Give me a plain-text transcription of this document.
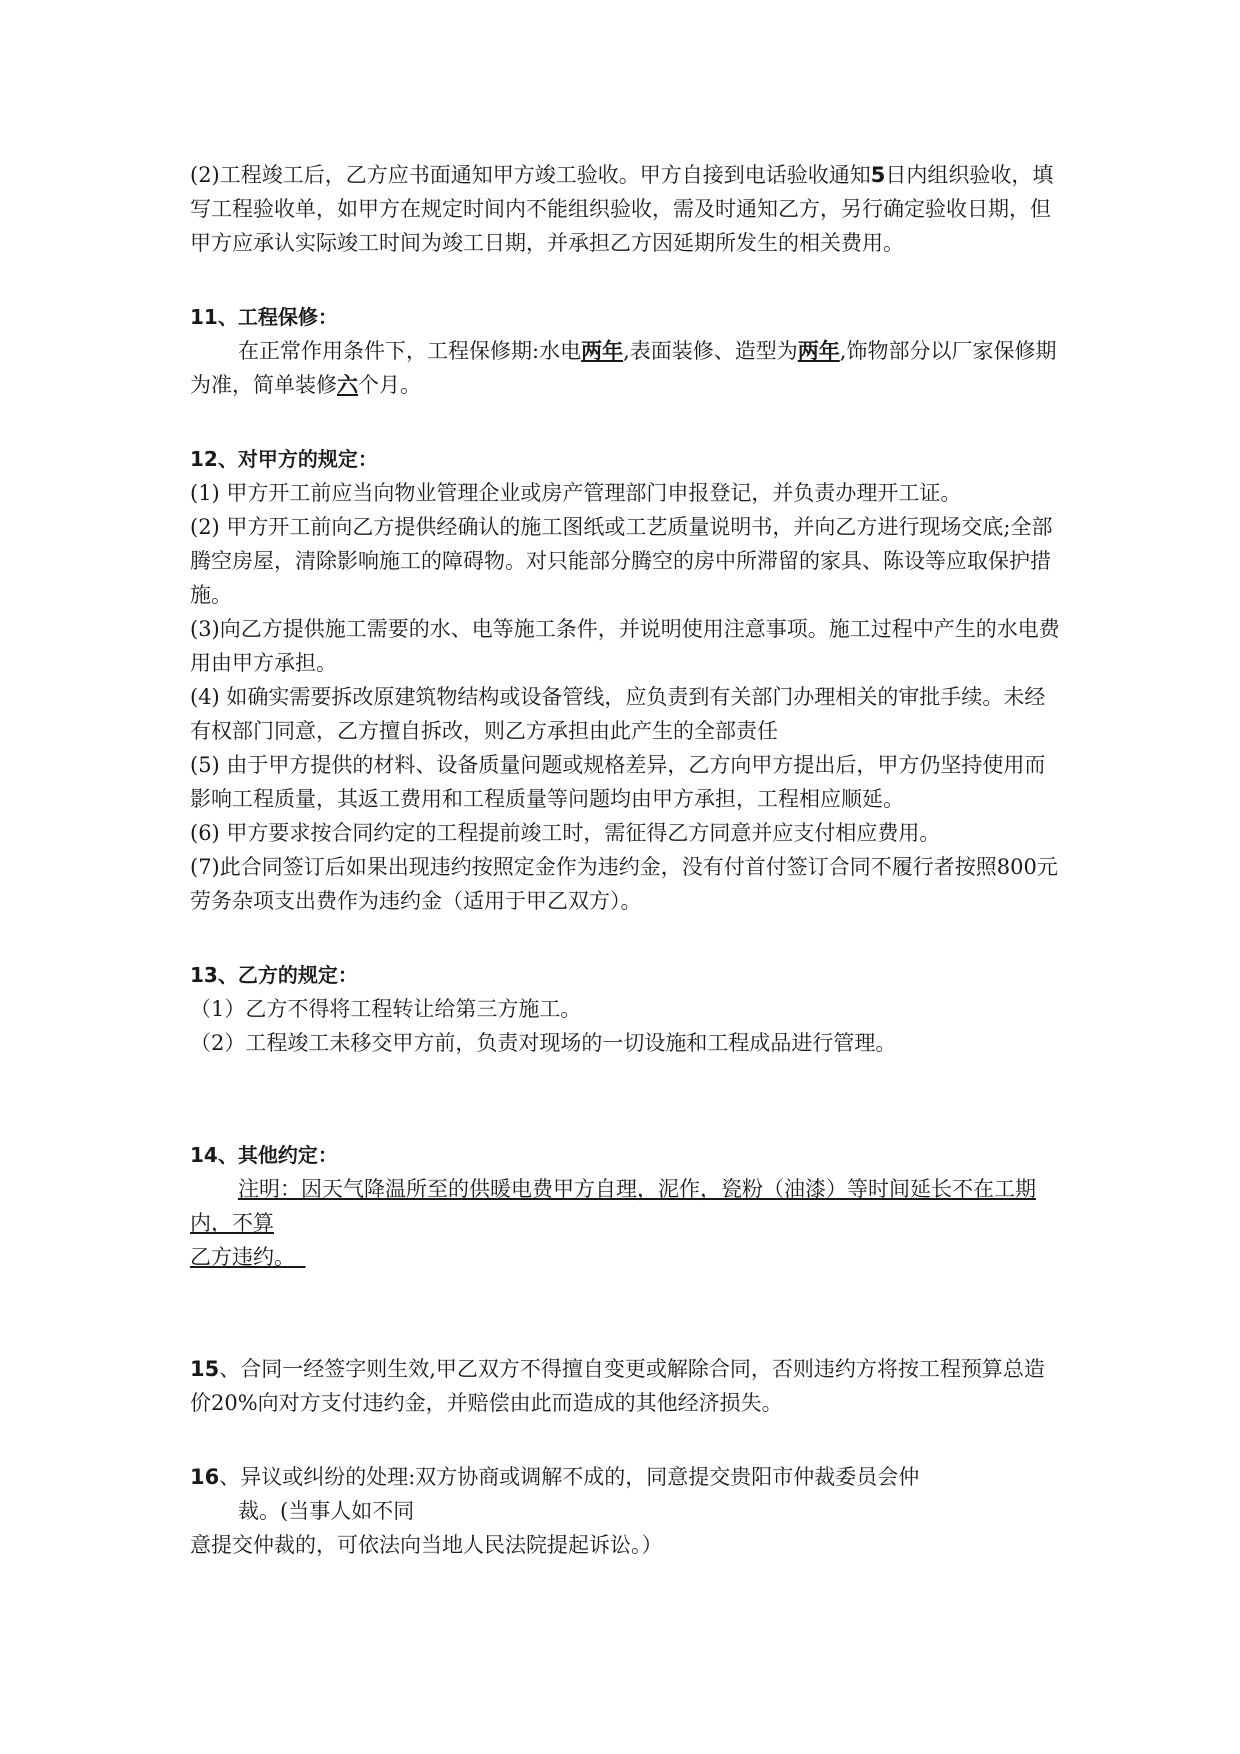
(2)工程竣工后，乙方应书面通知甲方竣工验收。甲方自接到电话验收通知5日内组织验收，填写工程验收单，如甲方在规定时间内不能组织验收，需及时通知乙方，另行确定验收日期，但甲方应承认实际竣工时间为竣工日期，并承担乙方因延期所发生的相关费用。

11、工程保修：

在正常作用条件下，工程保修期:水电两年,表面装修、造型为两年,饰物部分以厂家保修期为准，简单装修六个月。

12、对甲方的规定：

(1) 甲方开工前应当向物业管理企业或房产管理部门申报登记，并负责办理开工证。

(2) 甲方开工前向乙方提供经确认的施工图纸或工艺质量说明书，并向乙方进行现场交底;全部腾空房屋，清除影响施工的障碍物。对只能部分腾空的房中所滞留的家具、陈设等应取保护措施。

(3)向乙方提供施工需要的水、电等施工条件，并说明使用注意事项。施工过程中产生的水电费用由甲方承担。

(4) 如确实需要拆改原建筑物结构或设备管线，应负责到有关部门办理相关的审批手续。未经有权部门同意，乙方擅自拆改，则乙方承担由此产生的全部责任

(5) 由于甲方提供的材料、设备质量问题或规格差异，乙方向甲方提出后，甲方仍坚持使用而影响工程质量，其返工费用和工程质量等问题均由甲方承担，工程相应顺延。

(6) 甲方要求按合同约定的工程提前竣工时，需征得乙方同意并应支付相应费用。

(7)此合同签订后如果出现违约按照定金作为违约金，没有付首付签订合同不履行者按照800元劳务杂项支出费作为违约金（适用于甲乙双方）。

13、乙方的规定：

（1）乙方不得将工程转让给第三方施工。

（2）工程竣工未移交甲方前，负责对现场的一切设施和工程成品进行管理。

14、其他约定：

注明：因天气降温所至的供暖电费甲方自理，泥作，瓷粉（油漆）等时间延长不在工期内，不算

乙方违约。　

15、合同一经签字则生效,甲乙双方不得擅自变更或解除合同，否则违约方将按工程预算总造价20%向对方支付违约金，并赔偿由此而造成的其他经济损失。

16、异议或纠纷的处理:双方协商或调解不成的，同意提交贵阳市仲裁委员会仲

裁。(当事人如不同

意提交仲裁的，可依法向当地人民法院提起诉讼。）
